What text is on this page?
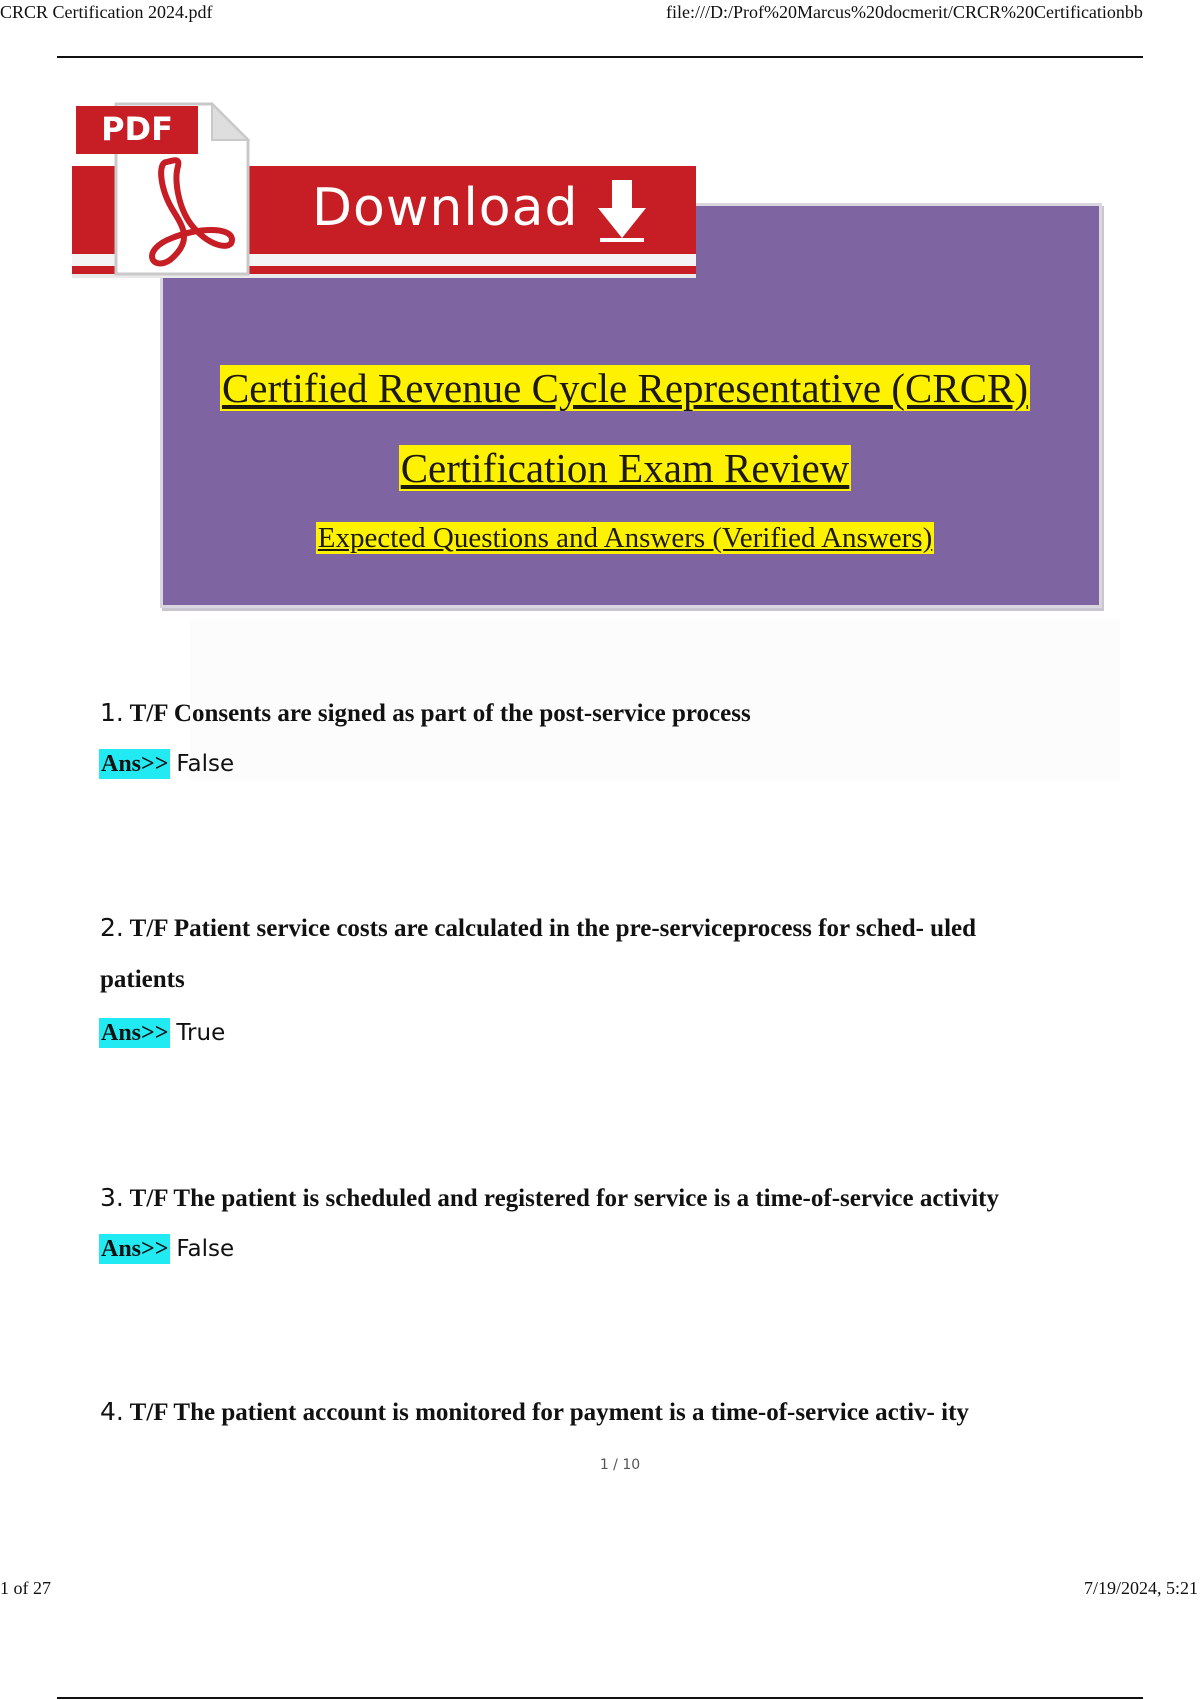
CRCR Certification 2024.pdf	file:///D:/Prof%20Marcus%20docmerit/CRCR%20Certificationbb
Download
PDF
Certified Revenue Cycle Representative (CRCR)
Certification Exam Review
Expected Questions and Answers (Verified Answers)
1. T/F Consents are signed as part of the post-service process
Ans>> False
2. T/F Patient service costs are calculated in the pre-serviceprocess for sched- uled
patients
Ans>> True
3. T/F The patient is scheduled and registered for service is a time-of-service activity
Ans>> False
4. T/F The patient account is monitored for payment is a time-of-service activ- ity
1 / 10
1 of 27	7/19/2024, 5:21
